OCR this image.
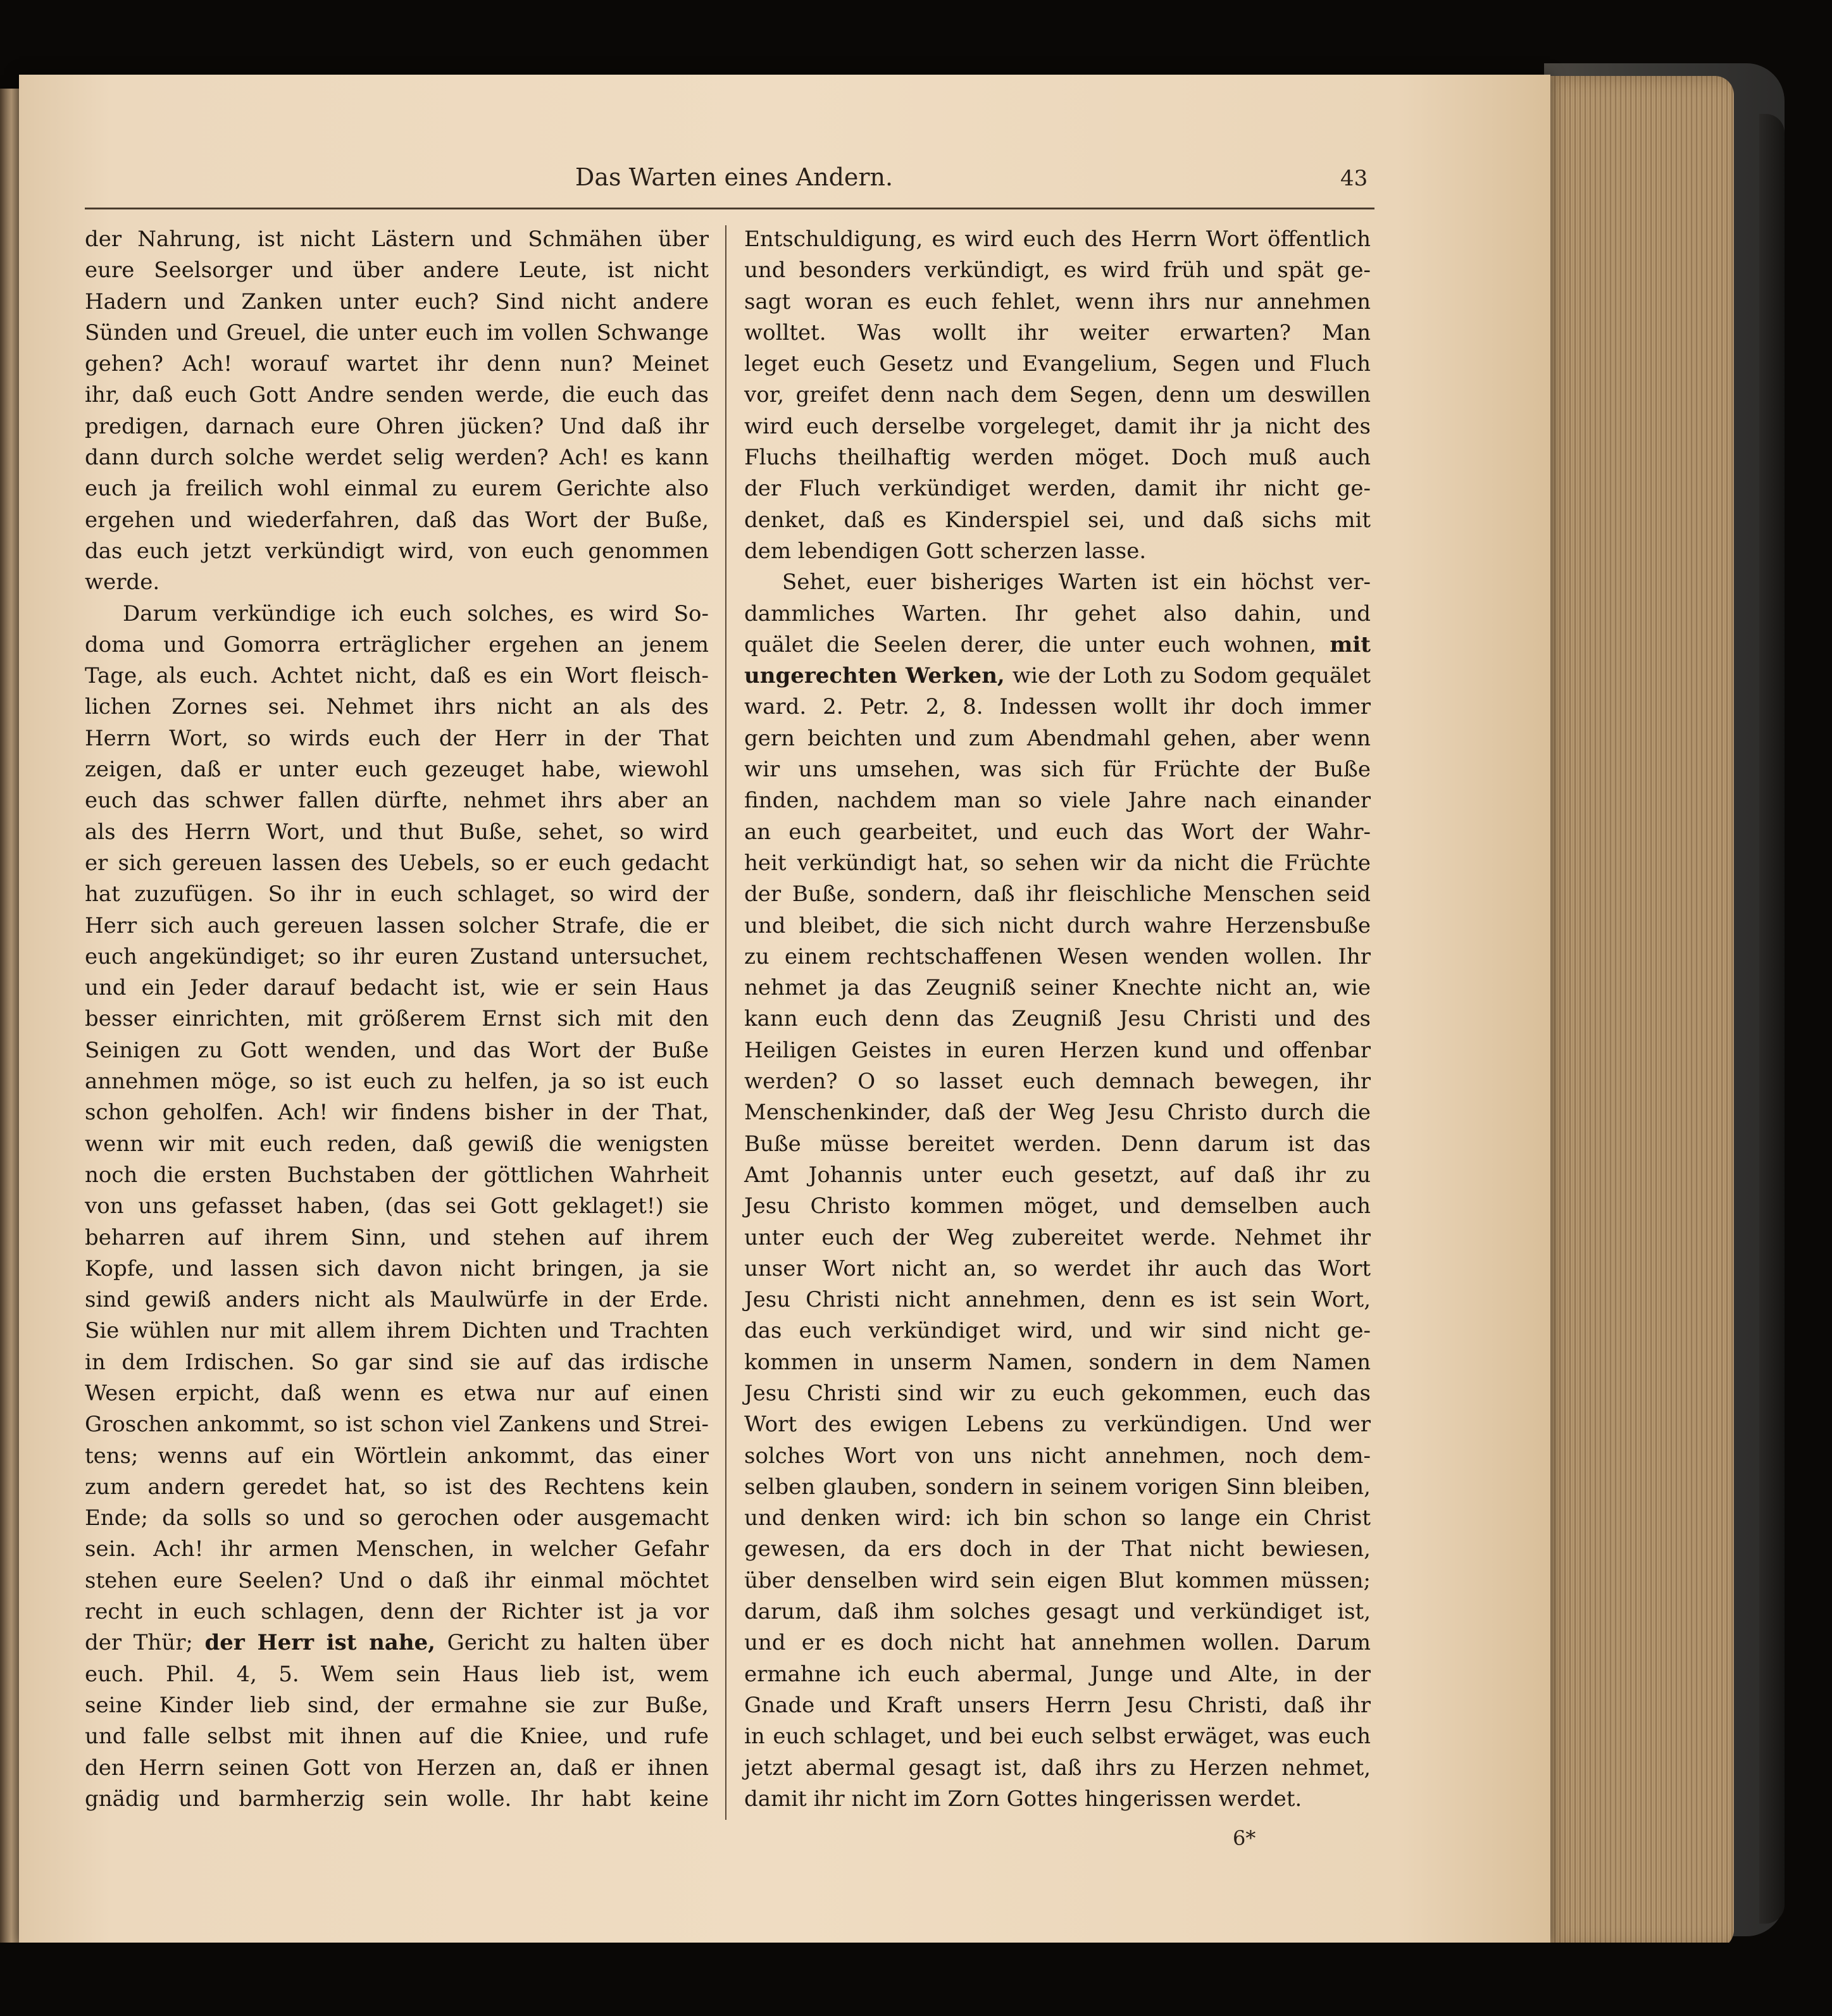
Das Warten eines Andern.	43
der Nahrung, ist nicht Lästern und Schmähen über
eure Seelsorger und über andere Leute, ist nicht
Hadern und Zanken unter euch? Sind nicht andere
Sünden und Greuel, die unter euch im vollen Schwange
gehen? Ach! worauf wartet ihr denn nun? Meinet
ihr, daß euch Gott Andre senden werde, die euch das
predigen, darnach eure Ohren jücken? Und daß ihr
dann durch solche werdet selig werden? Ach! es kann
euch ja freilich wohl einmal zu eurem Gerichte also
ergehen und wiederfahren, daß das Wort der Buße,
das euch jetzt verkündigt wird, von euch genommen
werde.
Darum verkündige ich euch solches, es wird So-
doma und Gomorra erträglicher ergehen an jenem
Tage, als euch. Achtet nicht, daß es ein Wort fleisch-
lichen Zornes sei. Nehmet ihrs nicht an als des
Herrn Wort, so wirds euch der Herr in der That
zeigen, daß er unter euch gezeuget habe, wiewohl
euch das schwer fallen dürfte, nehmet ihrs aber an
als des Herrn Wort, und thut Buße, sehet, so wird
er sich gereuen lassen des Uebels, so er euch gedacht
hat zuzufügen. So ihr in euch schlaget, so wird der
Herr sich auch gereuen lassen solcher Strafe, die er
euch angekündiget; so ihr euren Zustand untersuchet,
und ein Jeder darauf bedacht ist, wie er sein Haus
besser einrichten, mit größerem Ernst sich mit den
Seinigen zu Gott wenden, und das Wort der Buße
annehmen möge, so ist euch zu helfen, ja so ist euch
schon geholfen. Ach! wir findens bisher in der That,
wenn wir mit euch reden, daß gewiß die wenigsten
noch die ersten Buchstaben der göttlichen Wahrheit
von uns gefasset haben, (das sei Gott geklaget!) sie
beharren auf ihrem Sinn, und stehen auf ihrem
Kopfe, und lassen sich davon nicht bringen, ja sie
sind gewiß anders nicht als Maulwürfe in der Erde.
Sie wühlen nur mit allem ihrem Dichten und Trachten
in dem Irdischen. So gar sind sie auf das irdische
Wesen erpicht, daß wenn es etwa nur auf einen
Groschen ankommt, so ist schon viel Zankens und Strei-
tens; wenns auf ein Wörtlein ankommt, das einer
zum andern geredet hat, so ist des Rechtens kein
Ende; da solls so und so gerochen oder ausgemacht
sein. Ach! ihr armen Menschen, in welcher Gefahr
stehen eure Seelen? Und o daß ihr einmal möchtet
recht in euch schlagen, denn der Richter ist ja vor
der Thür; der Herr ist nahe, Gericht zu halten über
euch. Phil. 4, 5. Wem sein Haus lieb ist, wem
seine Kinder lieb sind, der ermahne sie zur Buße,
und falle selbst mit ihnen auf die Kniee, und rufe
den Herrn seinen Gott von Herzen an, daß er ihnen
gnädig und barmherzig sein wolle. Ihr habt keine
Entschuldigung, es wird euch des Herrn Wort öffentlich
und besonders verkündigt, es wird früh und spät ge-
sagt woran es euch fehlet, wenn ihrs nur annehmen
wolltet. Was wollt ihr weiter erwarten? Man
leget euch Gesetz und Evangelium, Segen und Fluch
vor, greifet denn nach dem Segen, denn um deswillen
wird euch derselbe vorgeleget, damit ihr ja nicht des
Fluchs theilhaftig werden möget. Doch muß auch
der Fluch verkündiget werden, damit ihr nicht ge-
denket, daß es Kinderspiel sei, und daß sichs mit
dem lebendigen Gott scherzen lasse.
Sehet, euer bisheriges Warten ist ein höchst ver-
dammliches Warten. Ihr gehet also dahin, und
quälet die Seelen derer, die unter euch wohnen, mit
ungerechten Werken, wie der Loth zu Sodom gequälet
ward. 2. Petr. 2, 8. Indessen wollt ihr doch immer
gern beichten und zum Abendmahl gehen, aber wenn
wir uns umsehen, was sich für Früchte der Buße
finden, nachdem man so viele Jahre nach einander
an euch gearbeitet, und euch das Wort der Wahr-
heit verkündigt hat, so sehen wir da nicht die Früchte
der Buße, sondern, daß ihr fleischliche Menschen seid
und bleibet, die sich nicht durch wahre Herzensbuße
zu einem rechtschaffenen Wesen wenden wollen. Ihr
nehmet ja das Zeugniß seiner Knechte nicht an, wie
kann euch denn das Zeugniß Jesu Christi und des
Heiligen Geistes in euren Herzen kund und offenbar
werden? O so lasset euch demnach bewegen, ihr
Menschenkinder, daß der Weg Jesu Christo durch die
Buße müsse bereitet werden. Denn darum ist das
Amt Johannis unter euch gesetzt, auf daß ihr zu
Jesu Christo kommen möget, und demselben auch
unter euch der Weg zubereitet werde. Nehmet ihr
unser Wort nicht an, so werdet ihr auch das Wort
Jesu Christi nicht annehmen, denn es ist sein Wort,
das euch verkündiget wird, und wir sind nicht ge-
kommen in unserm Namen, sondern in dem Namen
Jesu Christi sind wir zu euch gekommen, euch das
Wort des ewigen Lebens zu verkündigen. Und wer
solches Wort von uns nicht annehmen, noch dem-
selben glauben, sondern in seinem vorigen Sinn bleiben,
und denken wird: ich bin schon so lange ein Christ
gewesen, da ers doch in der That nicht bewiesen,
über denselben wird sein eigen Blut kommen müssen;
darum, daß ihm solches gesagt und verkündiget ist,
und er es doch nicht hat annehmen wollen. Darum
ermahne ich euch abermal, Junge und Alte, in der
Gnade und Kraft unsers Herrn Jesu Christi, daß ihr
in euch schlaget, und bei euch selbst erwäget, was euch
jetzt abermal gesagt ist, daß ihrs zu Herzen nehmet,
damit ihr nicht im Zorn Gottes hingerissen werdet.
6*
